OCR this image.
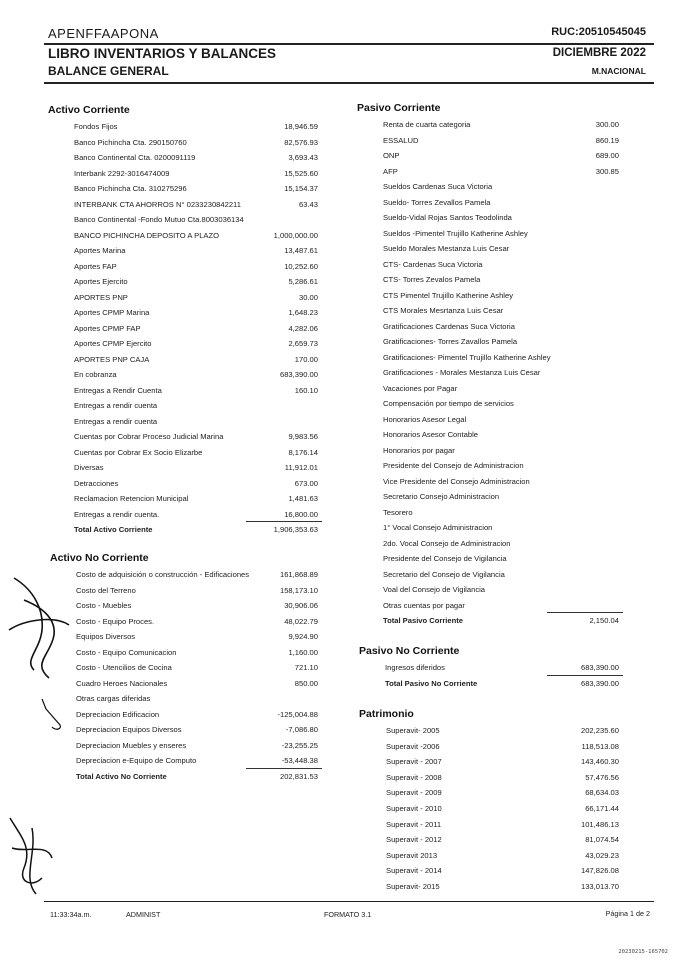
APENFFAAPONA	RUC:20510545045
LIBRO INVENTARIOS Y BALANCES	DICIEMBRE 2022
BALANCE GENERAL	M.NACIONAL
Activo Corriente
Fondos Fijos	18,946.59
Banco Pichincha Cta. 290150760	82,576.93
Banco Continental Cta. 0200091119	3,693.43
Interbank 2292-3016474009	15,525.60
Banco Pichincha Cta. 310275296	15,154.37
INTERBANK CTA AHORROS N° 0233230842211	63.43
Banco Continental -Fondo Mutuo Cta.8003036134
BANCO PICHINCHA DEPOSITO A PLAZO	1,000,000.00
Aportes Marina	13,487.61
Aportes FAP	10,252.60
Aportes Ejercito	5,286.61
APORTES PNP	30.00
Aportes CPMP Marina	1,648.23
Aportes CPMP FAP	4,282.06
Aportes CPMP Ejercito	2,659.73
APORTES PNP CAJA	170.00
En cobranza	683,390.00
Entregas a Rendir Cuenta	160.10
Entregas a rendir cuenta
Entregas a rendir cuenta
Cuentas por Cobrar Proceso Judicial Marina	9,983.56
Cuentas por Cobrar Ex Socio Elizarbe	8,176.14
Diversas	11,912.01
Detracciones	673.00
Reclamacion Retencion Municipal	1,481.63
Entregas a rendir cuenta.	16,800.00
Total Activo Corriente	1,906,353.63
Activo No Corriente
Costo de adquisición o construcción - Edificaciones	161,868.89
Costo del Terreno	158,173.10
Costo - Muebles	30,906.06
Costo - Equipo Proces.	48,022.79
Equipos Diversos	9,924.90
Costo - Equipo Comunicacion	1,160.00
Costo - Utencilios de Cocina	721.10
Cuadro Heroes Nacionales	850.00
Otras cargas diferidas
Depreciacion Edificacion	-125,004.88
Depreciacion Equipos Diversos	-7,086.80
Depreciacion Muebles y enseres	-23,255.25
Depreciacion e-Equipo de Computo	-53,448.38
Total Activo No Corriente	202,831.53
Pasivo Corriente
Renta de cuarta categoria	300.00
ESSALUD	860.19
ONP	689.00
AFP	300.85
Sueldos Cardenas Suca Victoria
Sueldo- Torres Zevallos Pamela
Sueldo-Vidal Rojas Santos Teodolinda
Sueldos -Pimentel Trujillo Katherine Ashley
Sueldo Morales Mestanza Luis Cesar
CTS- Cardenas Suca Victoria
CTS- Torres Zevalos Pamela
CTS Pimentel Trujillo Katherine Ashley
CTS Morales Mesrtanza Luis Cesar
Gratificaciones Cardenas Suca Victoria
Gratificaciones- Torres Zavallos Pamela
Gratificaciones- Pimentel Trujillo Katherine Ashley
Gratificaciones - Morales Mestanza Luis Cesar
Vacaciones por Pagar
Compensación por tiempo de servicios
Honorarios Asesor Legal
Honorarios Asesor Contable
Honorarios por pagar
Presidente del Consejo de Administracion
Vice Presidente del Consejo Administracion
Secretario Consejo Administracion
Tesorero
1° Vocal Consejo Administracion
2do. Vocal Consejo de Administracion
Presidente del Consejo de Vigilancia
Secretario del Consejo de Vigilancia
Voal del Consejo de Vigilancia
Otras cuentas por pagar
Total Pasivo Corriente	2,150.04
Pasivo No Corriente
Ingresos diferidos	683,390.00
Total Pasivo No Corriente	683,390.00
Patrimonio
Superavit- 2005	202,235.60
Superavit -2006	118,513.08
Superavit - 2007	143,460.30
Superavit - 2008	57,476.56
Superavit - 2009	68,634.03
Superavit - 2010	66,171.44
Superavit - 2011	101,486.13
Superavit - 2012	81,074.54
Superavit 2013	43,029.23
Superavit - 2014	147,826.08
Superavit- 2015	133,013.70
11:33:34a.m.	ADMINIST	FORMATO 3.1	Página 1 de 2
20230215-165702
